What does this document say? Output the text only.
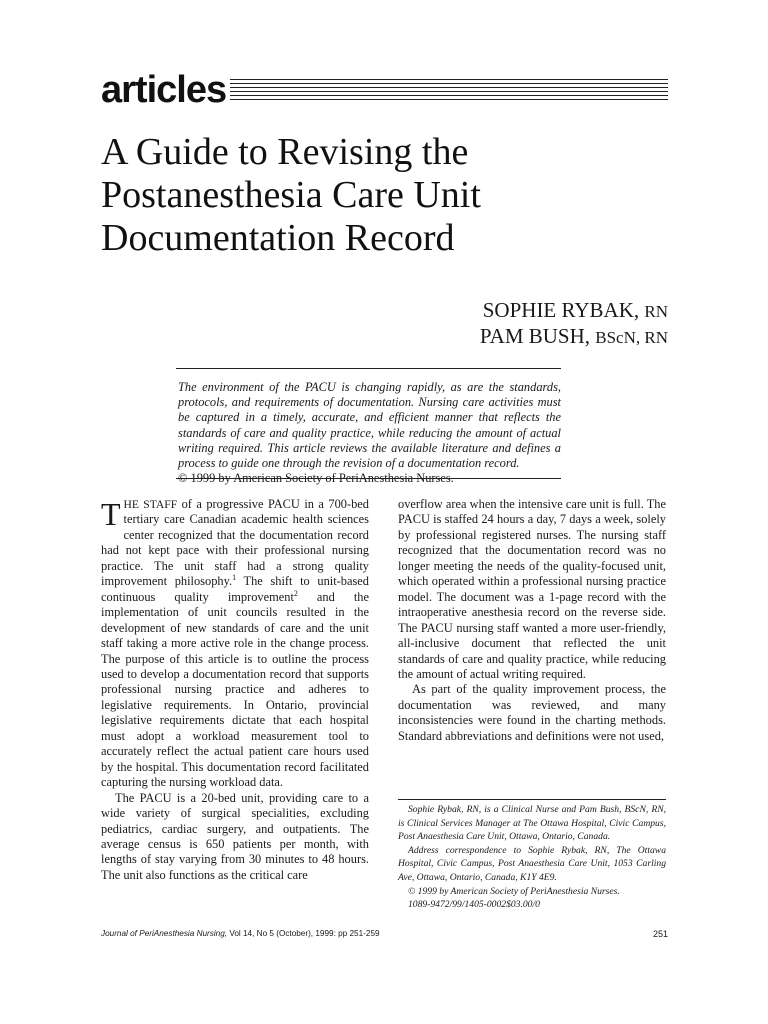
articles
A Guide to Revising the Postanesthesia Care Unit Documentation Record
SOPHIE RYBAK, RN
PAM BUSH, BScN, RN

The environment of the PACU is changing rapidly, as are the standards, protocols, and requirements of documentation. Nursing care activities must be captured in a timely, accurate, and efficient manner that reflects the standards of care and quality practice, while reducing the amount of actual writing required. This article reviews the available literature and defines a process to guide one through the revision of a documentation record.
© 1999 by American Society of PeriAnesthesia Nurses.

THE STAFF of a progressive PACU in a 700-bed tertiary care Canadian academic health sciences center recognized that the documentation record had not kept pace with their professional nursing practice. The unit staff had a strong quality improvement philosophy.$^1$ The shift to unit-based continuous quality improvement$^2$ and the implementation of unit councils resulted in the development of new standards of care and the unit staff taking a more active role in the change process. The purpose of this article is to outline the process used to develop a documentation record that supports professional nursing practice and adheres to legislative requirements. In Ontario, provincial legislative requirements dictate that each hospital must adopt a workload measurement tool to accurately reflect the actual patient care hours used by the hospital. This documentation record facilitated capturing the nursing workload data.

The PACU is a 20-bed unit, providing care to a wide variety of surgical specialities, excluding pediatrics, cardiac surgery, and outpatients. The average census is 650 patients per month, with lengths of stay varying from 30 minutes to 48 hours. The unit also functions as the critical care

overflow area when the intensive care unit is full. The PACU is staffed 24 hours a day, 7 days a week, solely by professional registered nurses. The nursing staff recognized that the documentation record was no longer meeting the needs of the quality-focused unit, which operated within a professional nursing practice model. The document was a 1-page record with the intraoperative anesthesia record on the reverse side. The PACU nursing staff wanted a more user-friendly, all-inclusive document that reflected the unit standards of care and quality practice, while reducing the amount of actual writing required.

As part of the quality improvement process, the documentation was reviewed, and many inconsistencies were found in the charting methods. Standard abbreviations and definitions were not used,

Sophie Rybak, RN, is a Clinical Nurse and Pam Bush, BScN, RN, is Clinical Services Manager at The Ottawa Hospital, Civic Campus, Post Anaesthesia Care Unit, Ottawa, Ontario, Canada.

Address correspondence to Sophie Rybak, RN, The Ottawa Hospital, Civic Campus, Post Anaesthesia Care Unit, 1053 Carling Ave, Ottawa, Ontario, Canada, K1Y 4E9.

© 1999 by American Society of PeriAnesthesia Nurses.

1089-9472/99/1405-0002$03.00/0

Journal of PeriAnesthesia Nursing, Vol 14, No 5 (October), 1999: pp 251-259	251
